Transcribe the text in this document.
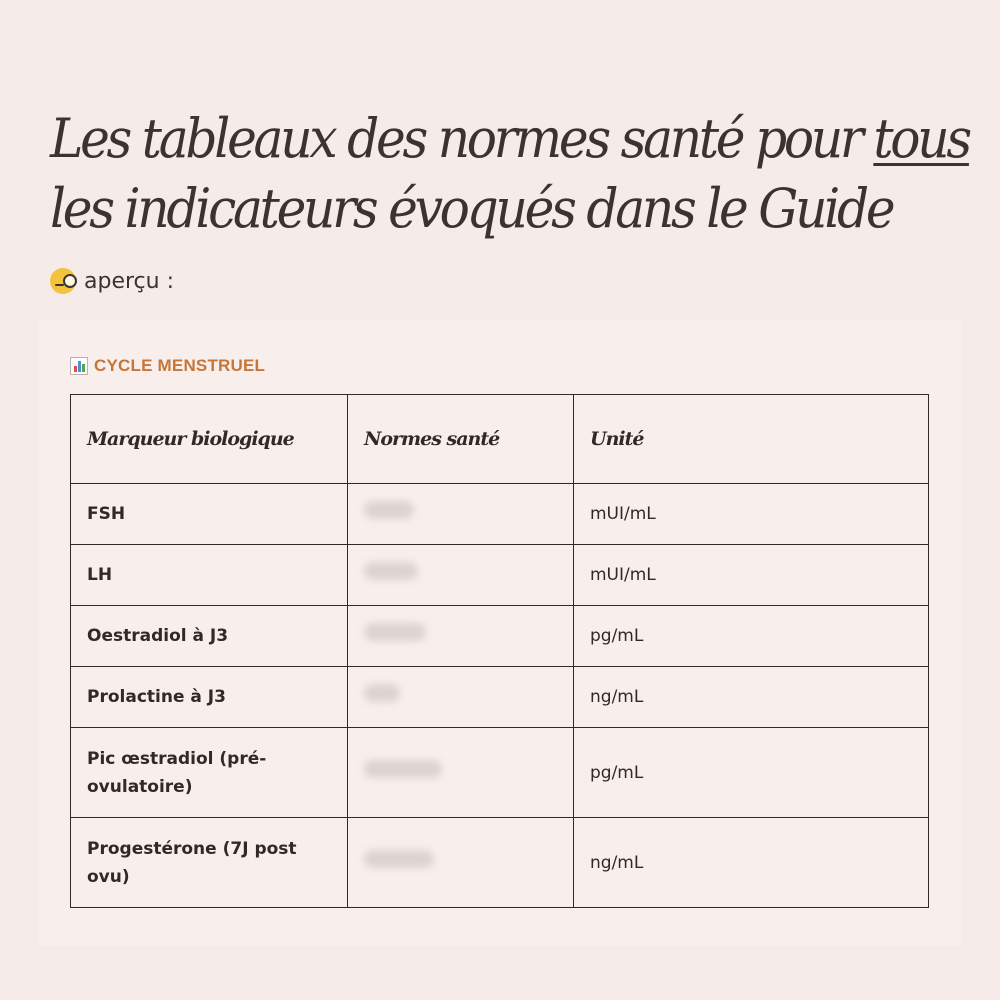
Les tableaux des normes santé pour tous
les indicateurs évoqués dans le Guide
aperçu :
CYCLE MENSTRUEL
Marqueur biologique	Normes santé	Unité
FSH		mUI/mL
LH		mUI/mL
Oestradiol à J3		pg/mL
Prolactine à J3		ng/mL
Pic œstradiol (pré-ovulatoire)		pg/mL
Progestérone (7J post ovu)		ng/mL
